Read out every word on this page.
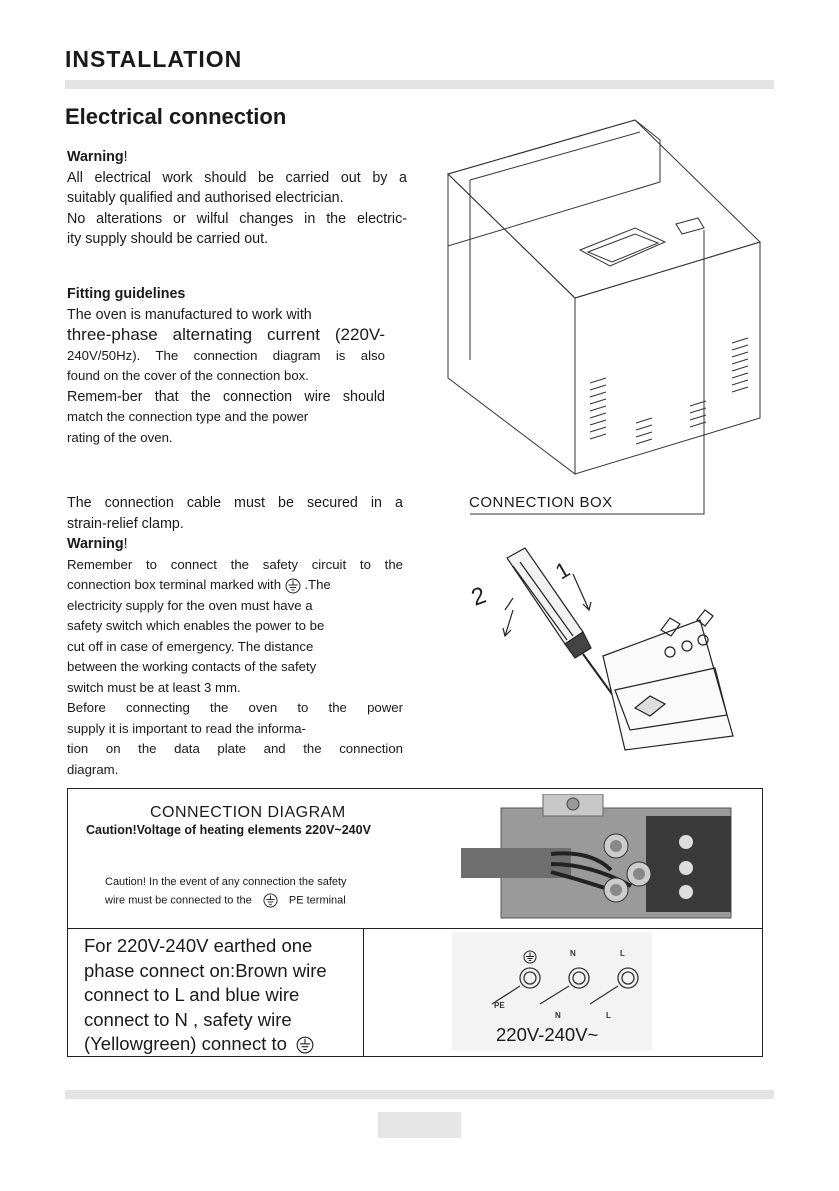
INSTALLATION
Electrical connection
Warning!
All electrical work should be carried out by a
suitably qualified and authorised electrician.
No alterations or wilful changes in the electric-
ity supply should be carried out.
Fitting guidelines
The oven is manufactured to work with
three-phase alternating current (220V-
240V/50Hz). The connection diagram is also
found on the cover of the connection box.
Remem-ber that the connection wire should
match the connection type and the power
rating of the oven.
The connection cable must be secured in a
strain-relief clamp.
Warning!
Remember to connect the safety circuit to the
connection box terminal marked with  .The
electricity supply for the oven must have a
safety switch which enables the power to be
cut off in case of emergency. The distance
between the working contacts of the safety
switch must be at least 3 mm.
Before connecting the oven to the power
supply it is important to read the informa-
tion on the data plate and the connection
diagram.
CONNECTION BOX
1
2
CONNECTION DIAGRAM
Caution!Voltage of heating elements 220V~240V
Caution! In the event of any connection the safety
wire must be connected to the	PE terminal
For 220V-240V earthed one
phase connect on:Brown wire
connect to L and blue wire
connect to N , safety wire
(Yellowgreen) connect to
N	L
PE
N	L
220V-240V~
